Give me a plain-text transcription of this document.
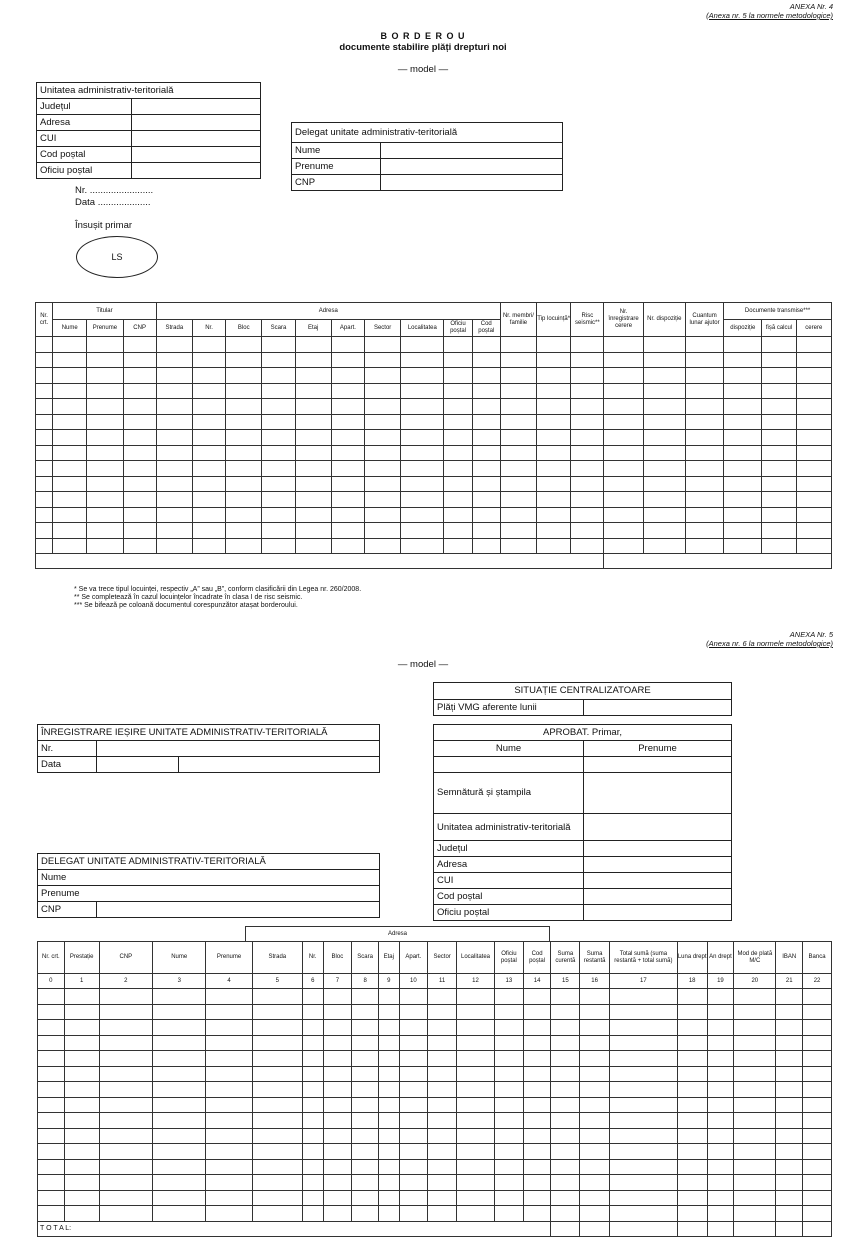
ANEXA Nr. 4
(Anexa nr. 5 la normele metodologice)
B O R D E R O U
documente stabilire plăți drepturi noi
— model —
Unitatea administrativ-teritorială	
Județul	
Adresa	
CUI	
Cod poștal	
Oficiu poștal	
Delegat unitate administrativ-teritorială	
Nume	
Prenume	
CNP	
Nr. ........................
Data ....................
Însușit primar
LS
Nr. crt.	Titular			Adresa										Nr. membri/ familie	Tip locuință*	Risc seismic**	Nr. înregistrare cerere	Nr. dispoziție	Cuantum lunar ajutor	Documente transmise***		
	Nume	Prenume	CNP	Strada	Nr.	Bloc	Scara	Etaj	Apart.	Sector	Localitatea	Oficiu poștal	Cod poștal							dispoziție	fișă calcul	cerere

* Se va trece tipul locuinței, respectiv „A” sau „B”, conform clasificării din Legea nr. 260/2008.
** Se completează în cazul locuințelor încadrate în clasa I de risc seismic.
*** Se bifează pe coloană documentul corespunzător atașat borderoului.
ANEXA Nr. 5
(Anexa nr. 6 la normele metodologice)
— model —
SITUAȚIE CENTRALIZATOARE
Plăți VMG aferente lunii	
ÎNREGISTRARE IEȘIRE UNITATE ADMINISTRATIV-TERITORIALĂ		
Nr.		
Data		
APROBAT. Primar,	
Nume	Prenume

Semnătură și ștampila	
Unitatea administrativ-teritorială	
Județul	
Adresa	
CUI	
Cod poștal	
Oficiu poștal	
DELEGAT UNITATE ADMINISTRATIV-TERITORIALĂ
Nume
Prenume
CNP	
Adresa
Nr. crt.	Prestație	CNP	Nume	Prenume	Strada	Nr.	Bloc	Scara	Etaj	Apart.	Sector	Localitatea	Oficiu poștal	Cod poștal	Suma curentă	Suma restantă	Total sumă (suma restantă + total sumă)	Luna drept	An drept	Mod de plată M/C	IBAN	Banca
0	1	2	3	4	5	6	7	8	9	10	11	12	13	14	15	16	17	18	19	20	21	22

T O T A L:																						
